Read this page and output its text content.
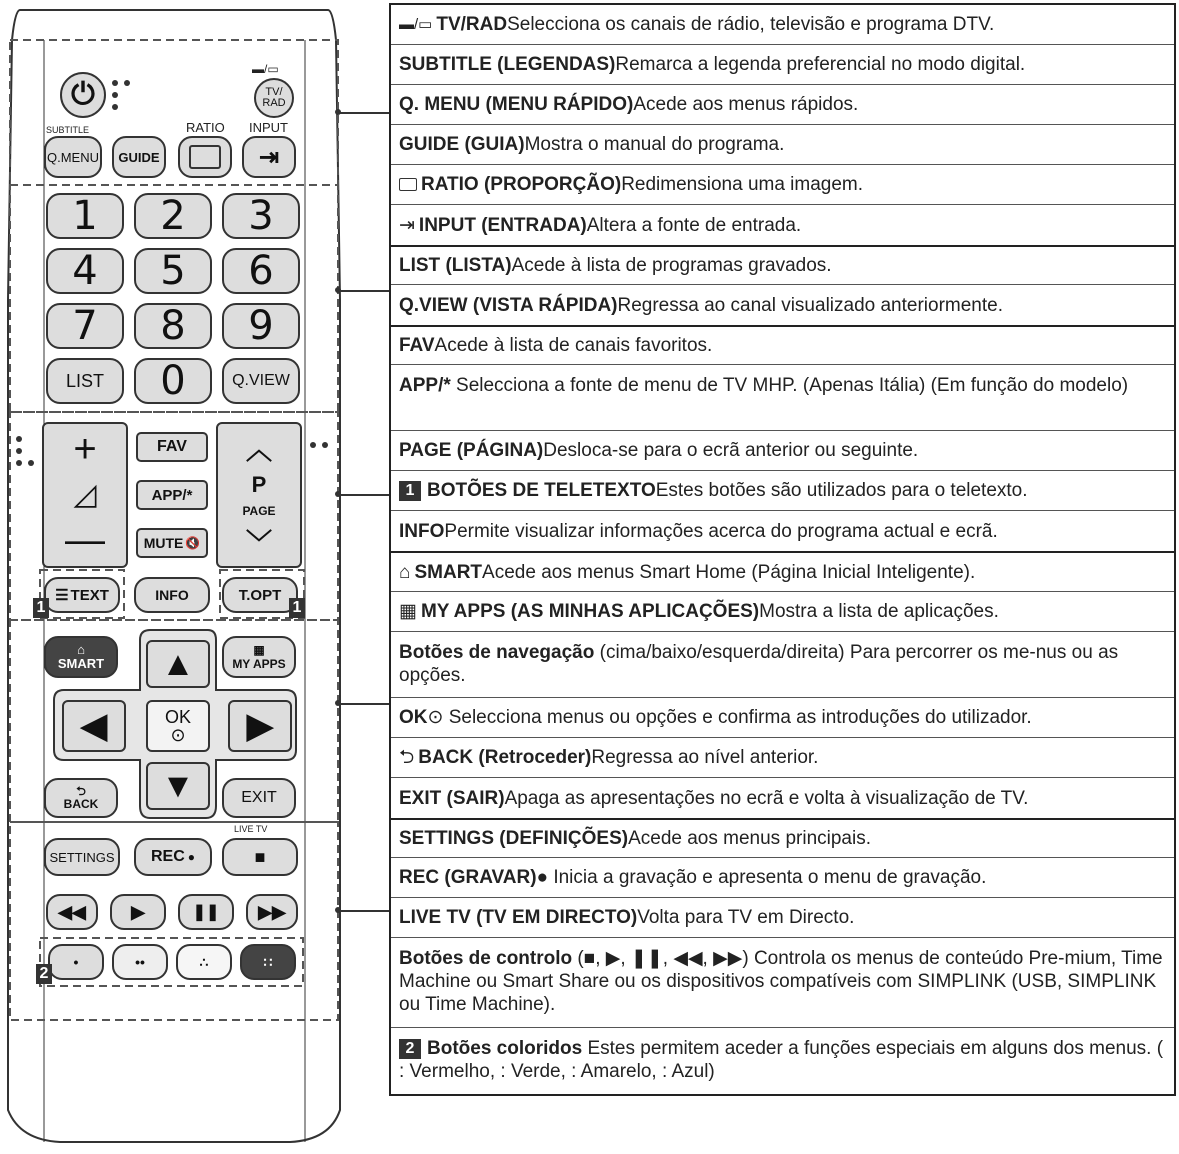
⏻
▬/▭
TV/
RAD
SUBTITLE	RATIO INPUT
Q.MENU	GUIDE	⇥
1	2	3
4	5	6
7	8	9
LIST	0	Q.VIEW
+
◿
—
FAV
APP/*
MUTE 🔇
︿
P
PAGE
﹀
☰ TEXT	INFO	T.OPT
1	1
⌂
SMART
▦
MY APPS
▲
◀	OK
⊙ ▶
▼
⮌
BACK	EXIT
LIVE TV
SETTINGS	REC ●	■
◀◀	▶	❚❚ ▶▶
•	••	∴	∷
2
▬/▭ TV/RAD Selecciona os canais de rádio, televisão e programa DTV.
SUBTITLE (LEGENDAS) Remarca a legenda preferencial no modo digital.
Q. MENU (MENU RÁPIDO) Acede aos menus rápidos.
GUIDE (GUIA) Mostra o manual do programa.
RATIO (PROPORÇÃO) Redimensiona uma imagem.
⇥ INPUT (ENTRADA) Altera a fonte de entrada.
LIST (LISTA) Acede à lista de programas gravados.
Q.VIEW (VISTA RÁPIDA) Regressa ao canal visualizado anteriormente.
FAV Acede à lista de canais favoritos.
APP/* Selecciona a fonte de menu de TV MHP. (Apenas Itália) (Em função do modelo)
PAGE (PÁGINA) Desloca-se para o ecrã anterior ou seguinte.
1 BOTÕES DE TELETEXTO Estes botões são utilizados para o teletexto.
INFO Permite visualizar informações acerca do programa actual e ecrã.
⌂ SMART Acede aos menus Smart Home (Página Inicial Inteligente).
▦ MY APPS (AS MINHAS APLICAÇÕES) Mostra a lista de aplicações.
Botões de navegação (cima/baixo/esquerda/direita) Para percorrer os me-nus ou as opções.
OK ⊙ Selecciona menus ou opções e confirma as introduções do utilizador.
⮌ BACK (Retroceder) Regressa ao nível anterior.
EXIT (SAIR) Apaga as apresentações no ecrã e volta à visualização de TV.
SETTINGS (DEFINIÇÕES) Acede aos menus principais.
REC (GRAVAR) ● Inicia a gravação e apresenta o menu de gravação.
LIVE TV (TV EM DIRECTO) Volta para TV em Directo.
Botões de controlo (■, ▶, ❚❚, ◀◀, ▶▶) Controla os menus de conteúdo Pre-mium, Time Machine ou Smart Share ou os dispositivos compatíveis com SIMPLINK (USB, SIMPLINK ou Time Machine).
2 Botões coloridos Estes permitem aceder a funções especiais em alguns dos menus. ( : Vermelho, : Verde, : Amarelo, : Azul)
